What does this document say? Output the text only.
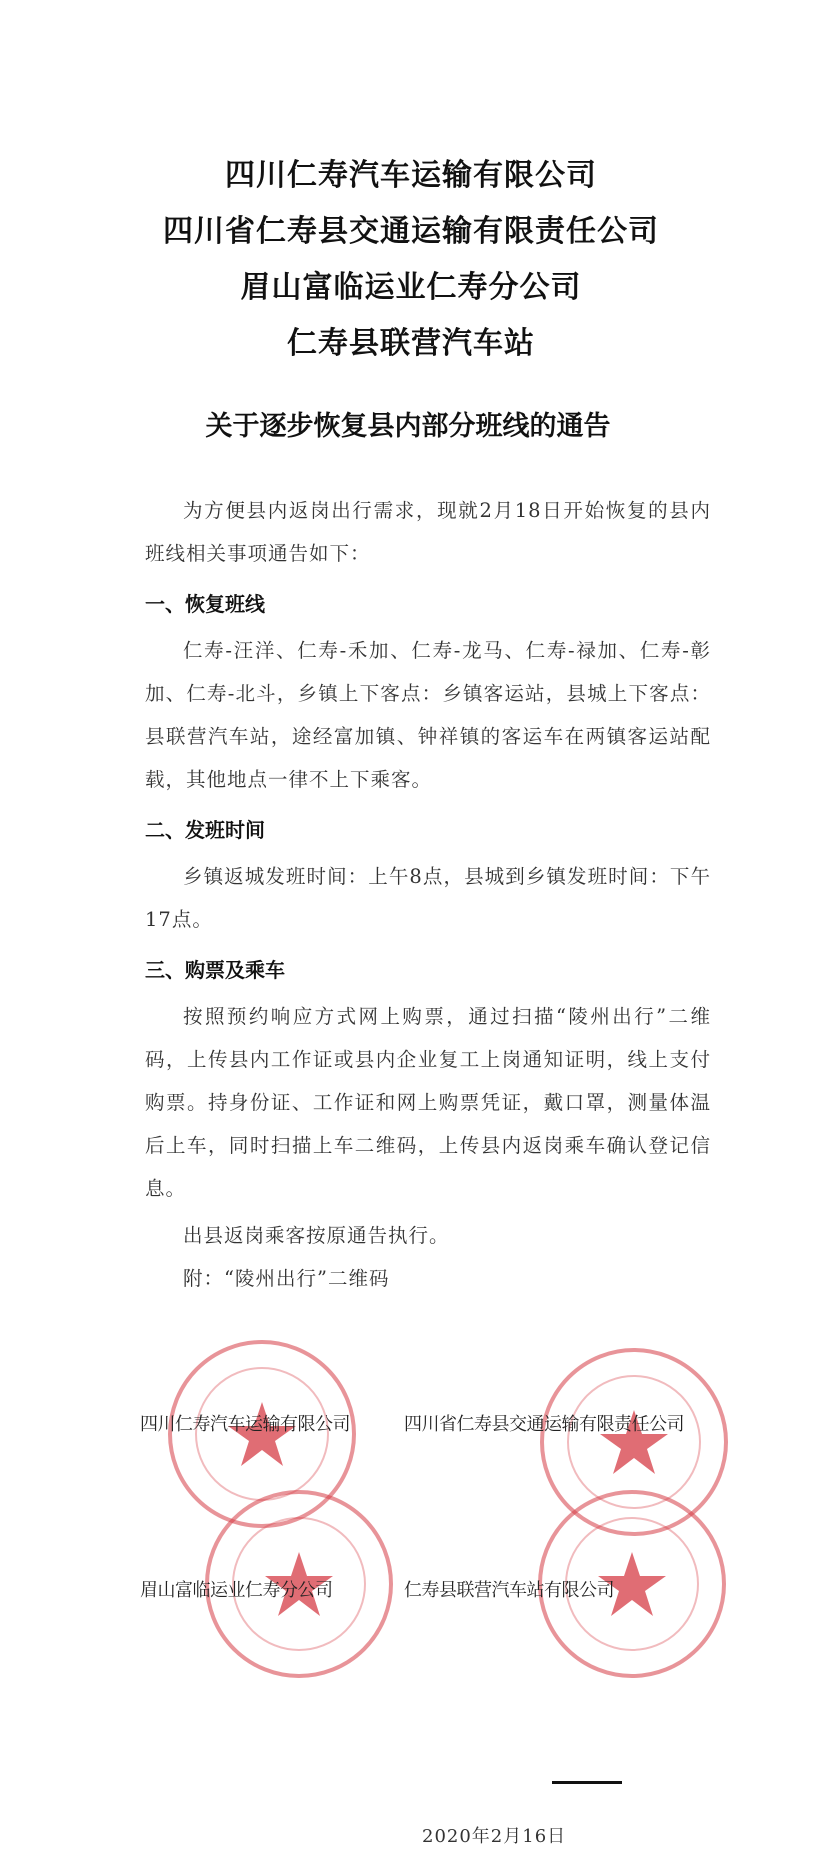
四川仁寿汽车运输有限公司
四川省仁寿县交通运输有限责任公司
眉山富临运业仁寿分公司
仁寿县联营汽车站
关于逐步恢复县内部分班线的通告

为方便县内返岗出行需求，现就2月18日开始恢复的县内班线相关事项通告如下：

一、恢复班线

仁寿-汪洋、仁寿-禾加、仁寿-龙马、仁寿-禄加、仁寿-彰加、仁寿-北斗，乡镇上下客点：乡镇客运站，县城上下客点：县联营汽车站，途经富加镇、钟祥镇的客运车在两镇客运站配载，其他地点一律不上下乘客。

二、发班时间

乡镇返城发班时间：上午8点，县城到乡镇发班时间：下午17点。

三、购票及乘车

按照预约响应方式网上购票，通过扫描“陵州出行”二维码，上传县内工作证或县内企业复工上岗通知证明，线上支付购票。持身份证、工作证和网上购票凭证，戴口罩，测量体温后上车，同时扫描上车二维码，上传县内返岗乘车确认登记信息。

出县返岗乘客按原通告执行。

附：“陵州出行”二维码

四川仁寿汽车运输有限公司	四川省仁寿县交通运输有限责任公司
眉山富临运业仁寿分公司	仁寿县联营汽车站有限公司
2020年2月16日
